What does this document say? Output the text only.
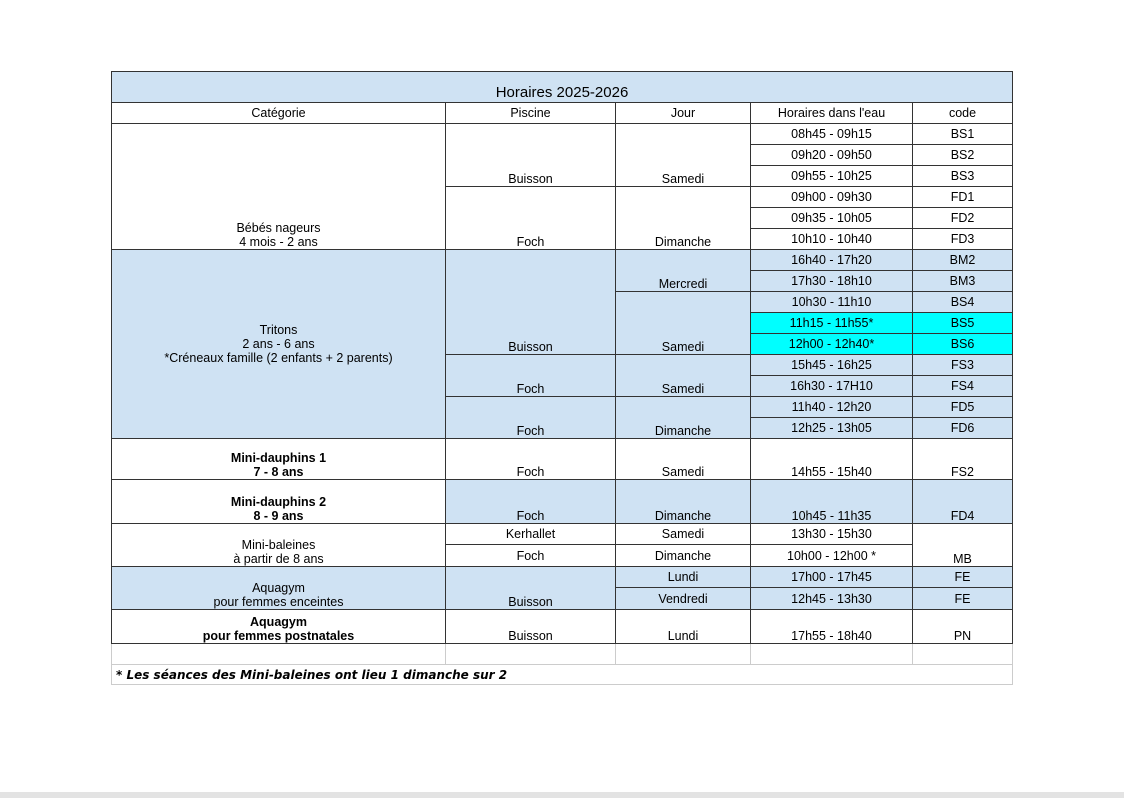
Horaires 2025-2026				
Catégorie	Piscine	Jour	Horaires dans l'eau	code

Bébés nageurs
4 mois - 2 ans	Buisson	Samedi	08h45 - 09h15	BS1
			09h20 - 09h50	BS2
			09h55 - 10h25	BS3
	Foch	Dimanche	09h00 - 09h30	FD1
			09h35 - 10h05	FD2
			10h10 - 10h40	FD3

Tritons
2 ans - 6 ans
*Créneaux famille (2 enfants + 2 parents)	Buisson	Mercredi	16h40 - 17h20	BM2
			17h30 - 18h10	BM3
		Samedi	10h30 - 11h10	BS4
			11h15 - 11h55*	BS5
			12h00 - 12h40*	BS6
	Foch	Samedi	15h45 - 16h25	FS3
			16h30 - 17H10	FS4
	Foch	Dimanche	11h40 - 12h20	FD5
			12h25 - 13h05	FD6

Mini-dauphins 1
7 - 8 ans	Foch	Samedi	14h55 - 15h40	FS2

Mini-dauphins 2
8 - 9 ans	Foch	Dimanche	10h45 - 11h35	FD4

Mini-baleines
à partir de 8 ans	Kerhallet	Samedi	13h30 - 15h30	MB
	Foch	Dimanche	10h00 - 12h00 *	

Aquagym
pour femmes enceintes	Buisson	Lundi	17h00 - 17h45	FE
		Vendredi	12h45 - 13h30	FE

Aquagym
pour femmes postnatales	Buisson	Lundi	17h55 - 18h40	PN

* Les séances des Mini-baleines ont lieu 1 dimanche sur 2				
